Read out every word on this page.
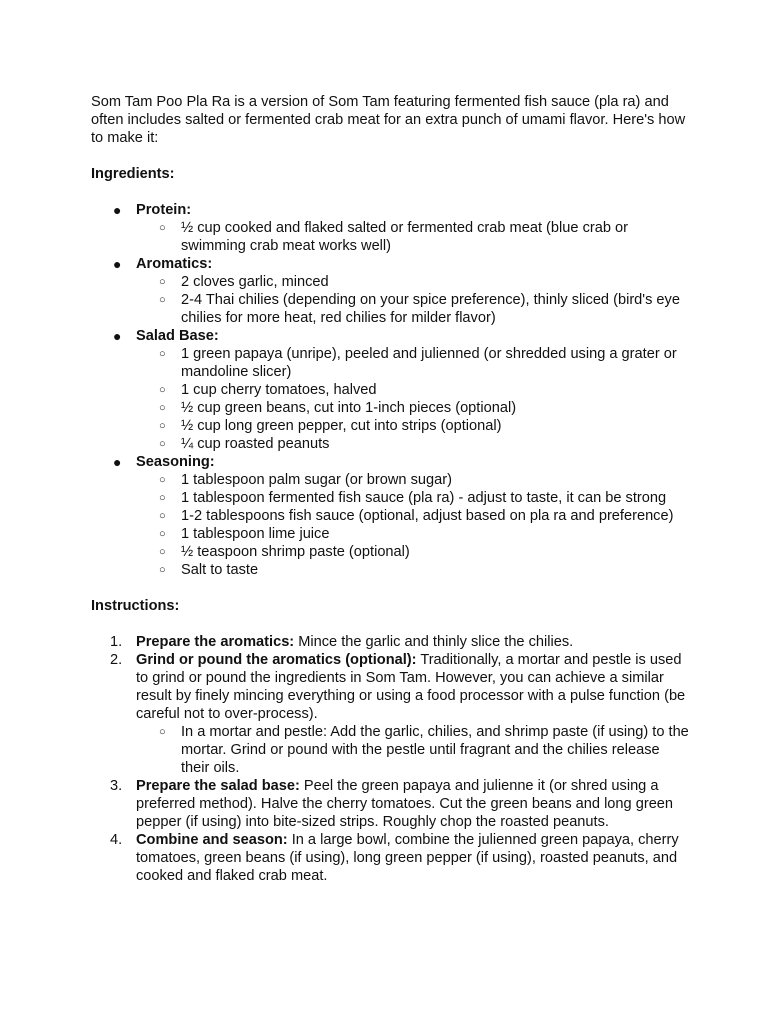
Som Tam Poo Pla Ra is a version of Som Tam featuring fermented fish sauce (pla ra) and often includes salted or fermented crab meat for an extra punch of umami flavor. Here's how to make it:

Ingredients:

● Protein:
○ ½ cup cooked and flaked salted or fermented crab meat (blue crab or swimming crab meat works well)
● Aromatics:
○ 2 cloves garlic, minced
○ 2-4 Thai chilies (depending on your spice preference), thinly sliced (bird's eye chilies for more heat, red chilies for milder flavor)
● Salad Base:
○ 1 green papaya (unripe), peeled and julienned (or shredded using a grater or mandoline slicer)
○ 1 cup cherry tomatoes, halved
○ ½ cup green beans, cut into 1-inch pieces (optional)
○ ½ cup long green pepper, cut into strips (optional)
○ ¼ cup roasted peanuts
● Seasoning:
○ 1 tablespoon palm sugar (or brown sugar)
○ 1 tablespoon fermented fish sauce (pla ra) - adjust to taste, it can be strong
○ 1-2 tablespoons fish sauce (optional, adjust based on pla ra and preference)
○ 1 tablespoon lime juice
○ ½ teaspoon shrimp paste (optional)
○ Salt to taste

Instructions:

1. Prepare the aromatics: Mince the garlic and thinly slice the chilies.
2. Grind or pound the aromatics (optional): Traditionally, a mortar and pestle is used to grind or pound the ingredients in Som Tam. However, you can achieve a similar result by finely mincing everything or using a food processor with a pulse function (be careful not to over-process).
○ In a mortar and pestle: Add the garlic, chilies, and shrimp paste (if using) to the mortar. Grind or pound with the pestle until fragrant and the chilies release their oils.
3. Prepare the salad base: Peel the green papaya and julienne it (or shred using a preferred method). Halve the cherry tomatoes. Cut the green beans and long green pepper (if using) into bite-sized strips. Roughly chop the roasted peanuts.
4. Combine and season: In a large bowl, combine the julienned green papaya, cherry tomatoes, green beans (if using), long green pepper (if using), roasted peanuts, and cooked and flaked crab meat.
